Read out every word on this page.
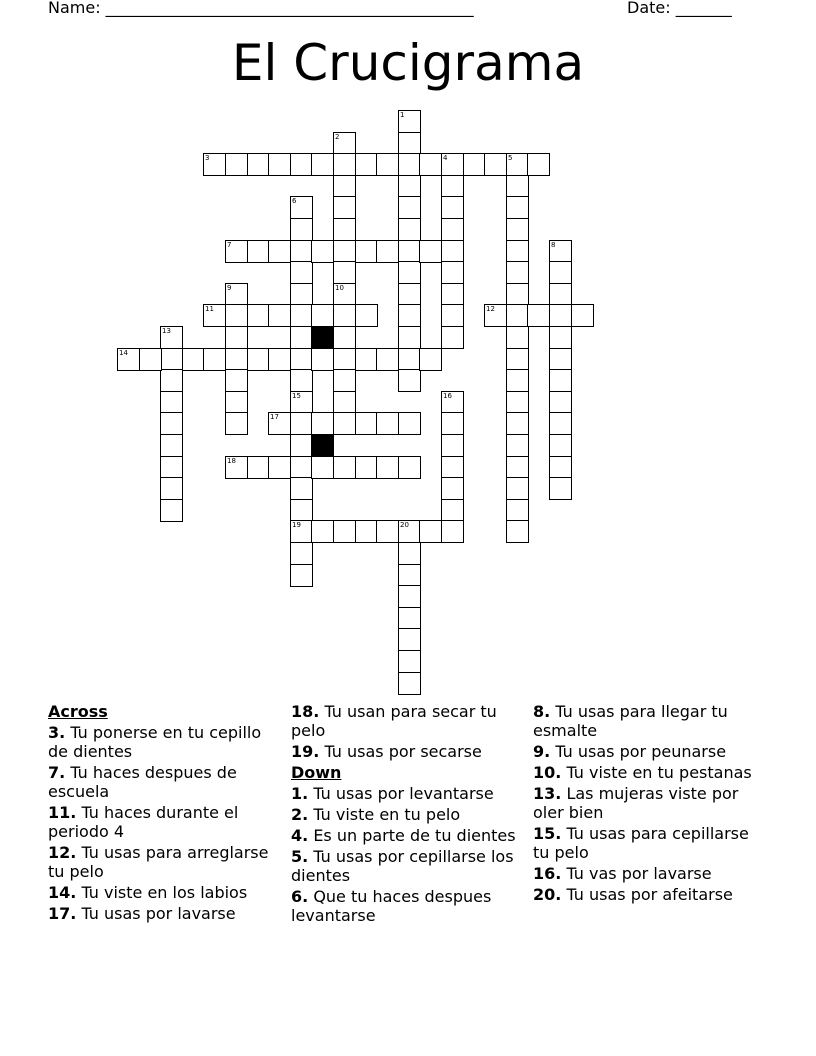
Name: ______________________________________________	Date: _______
El Crucigrama
1
2
3	4	5
6
15
19
7	8
9	10
11	12
13
14
16
17
18
20
Across
3. Tu ponerse en tu cepillo de dientes
7. Tu haces despues de escuela
11. Tu haces durante el periodo 4
12. Tu usas para arreglarse tu pelo
14. Tu viste en los labios
17. Tu usas por lavarse
18. Tu usan para secar tu pelo
19. Tu usas por secarse
Down
1. Tu usas por levantarse
2. Tu viste en tu pelo
4. Es un parte de tu dientes
5. Tu usas por cepillarse los dientes
6. Que tu haces despues levantarse
8. Tu usas para llegar tu esmalte
9. Tu usas por peunarse
10. Tu viste en tu pestanas
13. Las mujeras viste por oler bien
15. Tu usas para cepillarse tu pelo
16. Tu vas por lavarse
20. Tu usas por afeitarse
